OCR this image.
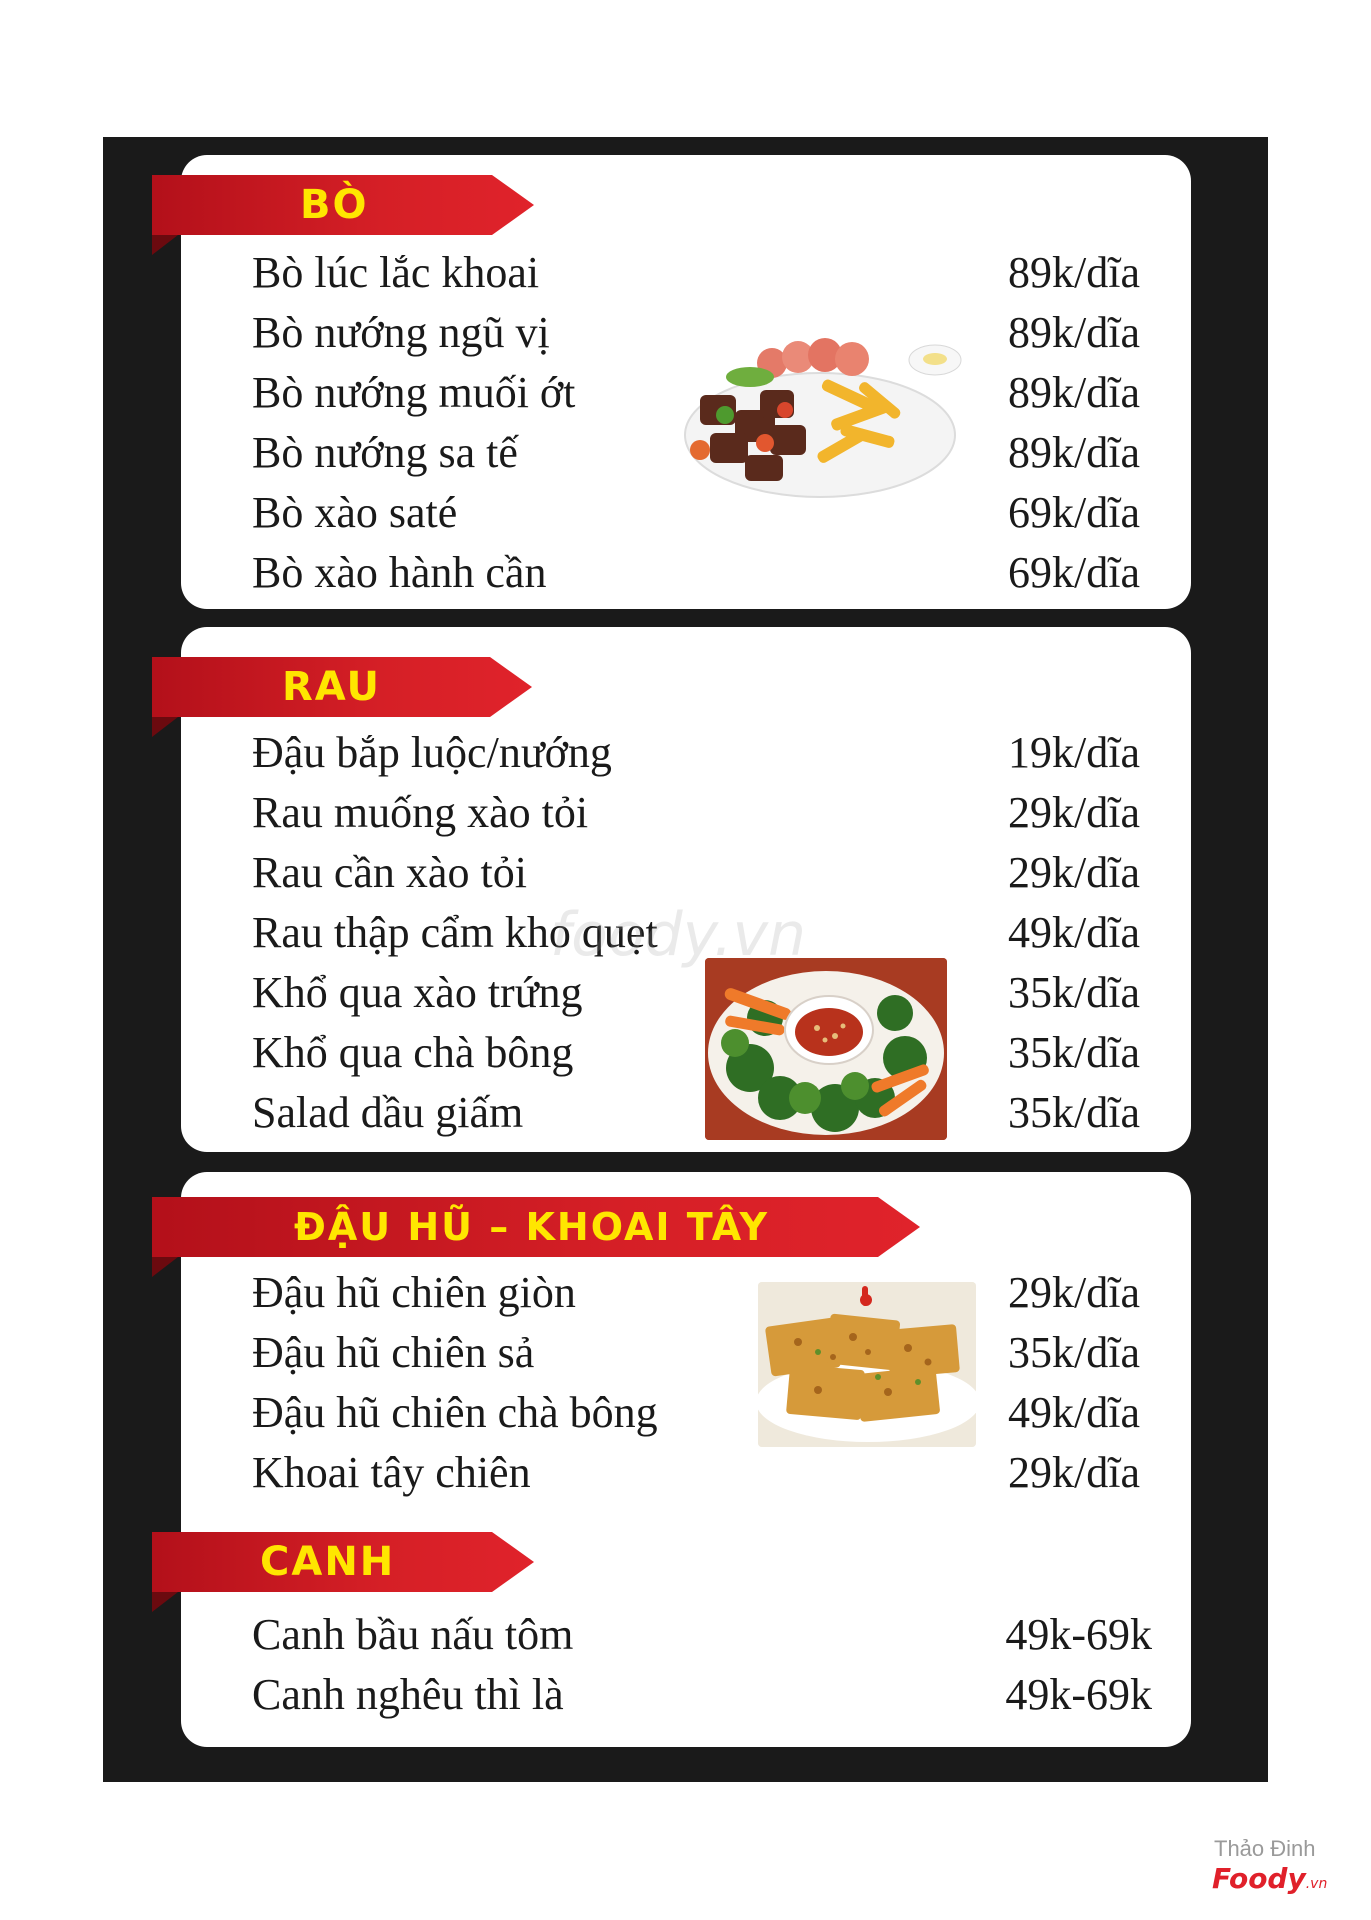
BÒ
RAU
ĐẬU HŨ – KHOAI TÂY
CANH
Bò lúc lắc khoai	89k/dĩa
Bò nướng ngũ vị	89k/dĩa
Bò nướng muối ớt	89k/dĩa
Bò nướng sa tế	89k/dĩa
Bò xào saté	69k/dĩa
Bò xào hành cần	69k/dĩa
Đậu bắp luộc/nướng	19k/dĩa
Rau muống xào tỏi	29k/dĩa
Rau cần xào tỏi	29k/dĩa
Rau thập cẩm kho quẹt	49k/dĩa
Khổ qua xào trứng	35k/dĩa
Khổ qua chà bông	35k/dĩa
Salad dầu giấm	35k/dĩa
Đậu hũ chiên giòn	29k/dĩa
Đậu hũ chiên sả	35k/dĩa
Đậu hũ chiên chà bông	49k/dĩa
Khoai tây chiên	29k/dĩa
Canh bầu nấu tôm	49k-69k
Canh nghêu thì là	49k-69k
foody.vn
Thảo Đinh
Foody.vn
